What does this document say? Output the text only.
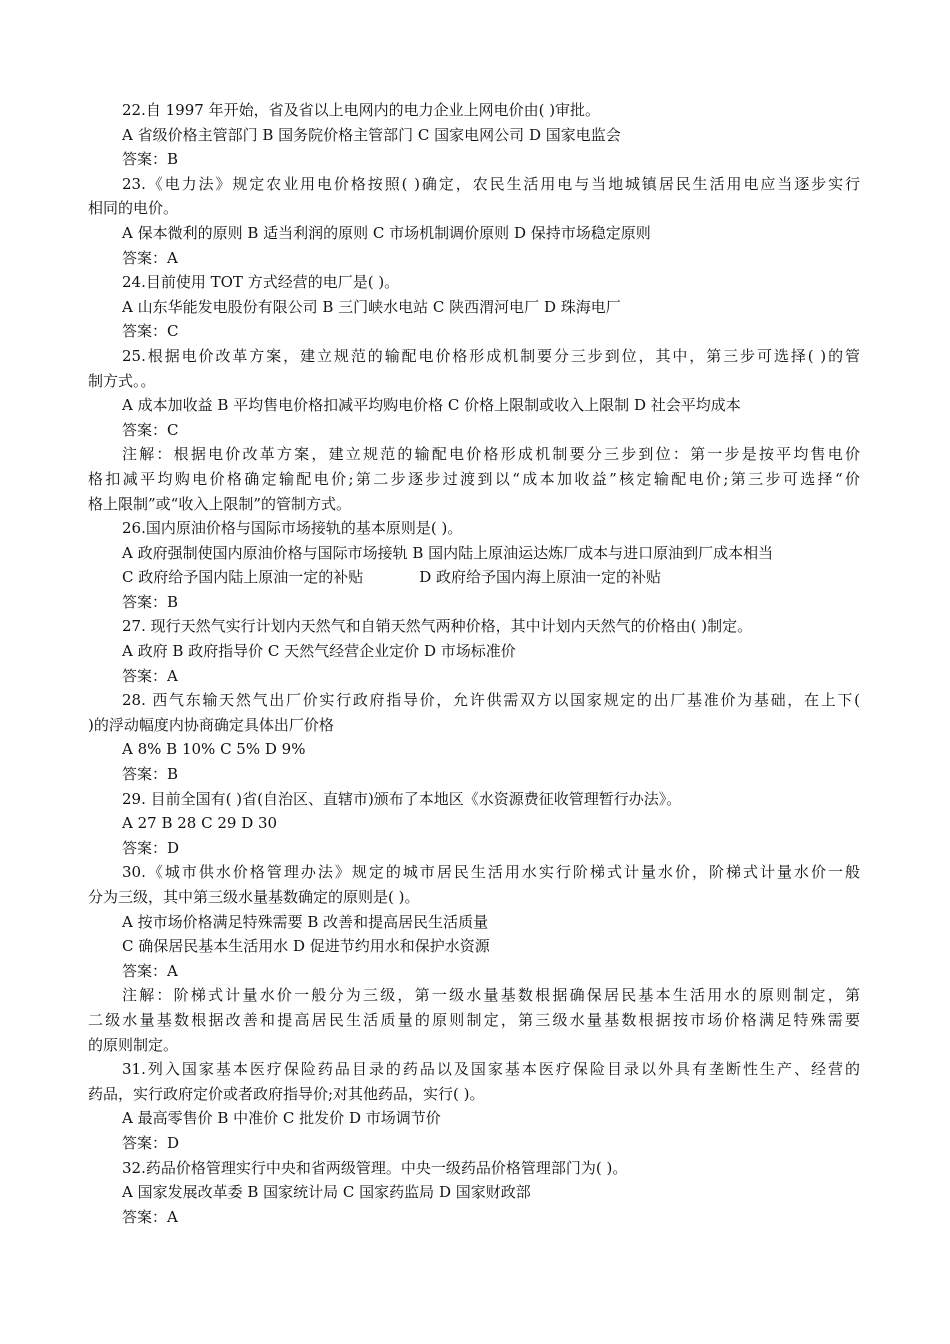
22.自 1997 年开始，省及省以上电网内的电力企业上网电价由( )审批。

A 省级价格主管部门 B 国务院价格主管部门 C 国家电网公司 D 国家电监会

答案：B

23.《电力法》规定农业用电价格按照( )确定，农民生活用电与当地城镇居民生活用电应当逐步实行

相同的电价。

A 保本微利的原则 B 适当利润的原则 C 市场机制调价原则 D 保持市场稳定原则

答案：A

24.目前使用 TOT 方式经营的电厂是( )。

A 山东华能发电股份有限公司 B 三门峡水电站 C 陕西渭河电厂 D 珠海电厂

答案：C

25.根据电价改革方案，建立规范的输配电价格形成机制要分三步到位，其中，第三步可选择( )的管

制方式。。

A 成本加收益 B 平均售电价格扣减平均购电价格 C 价格上限制或收入上限制 D 社会平均成本

答案：C

注解：根据电价改革方案，建立规范的输配电价格形成机制要分三步到位：第一步是按平均售电价

格扣减平均购电价格确定输配电价;第二步逐步过渡到以“成本加收益”核定输配电价;第三步可选择“价

格上限制”或“收入上限制”的管制方式。

26.国内原油价格与国际市场接轨的基本原则是( )。

A 政府强制使国内原油价格与国际市场接轨 B 国内陆上原油运达炼厂成本与进口原油到厂成本相当

C 政府给予国内陆上原油一定的补贴	D 政府给予国内海上原油一定的补贴

答案：B

27. 现行天然气实行计划内天然气和自销天然气两种价格，其中计划内天然气的价格由( )制定。

A 政府 B 政府指导价 C 天然气经营企业定价 D 市场标准价

答案：A

28. 西气东输天然气出厂价实行政府指导价，允许供需双方以国家规定的出厂基准价为基础，在上下(

)的浮动幅度内协商确定具体出厂价格

A 8% B 10% C 5% D 9%

答案：B

29. 目前全国有( )省(自治区、直辖市)颁布了本地区《水资源费征收管理暂行办法》。

A 27 B 28 C 29 D 30

答案：D

30.《城市供水价格管理办法》规定的城市居民生活用水实行阶梯式计量水价，阶梯式计量水价一般

分为三级，其中第三级水量基数确定的原则是( )。

A 按市场价格满足特殊需要 B 改善和提高居民生活质量

C 确保居民基本生活用水 D 促进节约用水和保护水资源

答案：A

注解：阶梯式计量水价一般分为三级，第一级水量基数根据确保居民基本生活用水的原则制定，第

二级水量基数根据改善和提高居民生活质量的原则制定，第三级水量基数根据按市场价格满足特殊需要

的原则制定。

31.列入国家基本医疗保险药品目录的药品以及国家基本医疗保险目录以外具有垄断性生产、经营的

药品，实行政府定价或者政府指导价;对其他药品，实行( )。

A 最高零售价 B 中准价 C 批发价 D 市场调节价

答案：D

32.药品价格管理实行中央和省两级管理。中央一级药品价格管理部门为( )。

A 国家发展改革委 B 国家统计局 C 国家药监局 D 国家财政部

答案：A
